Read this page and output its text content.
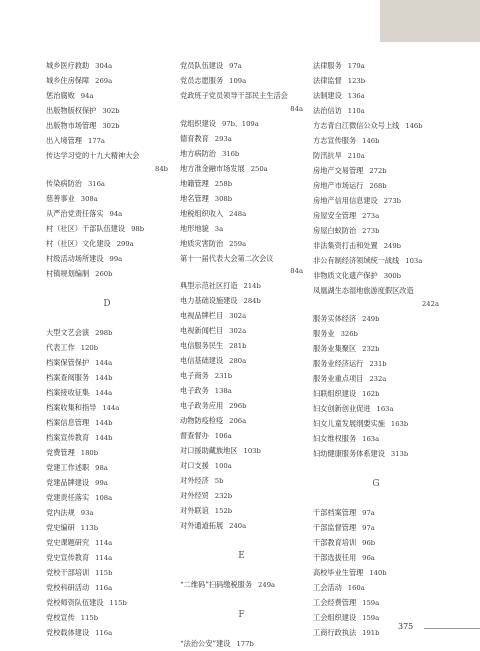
城乡医疗救助 304a
城乡住房保障 269a
惩治腐败 94a
出版物版权保护 302b
出版物市场管理 302b
出入境管理 177a
传达学习党的十九大精神大会
84b
传染病防治 316a
慈善事业 308a
从严治党责任落实 94a
村（社区）干部队伍建设 98b
村（社区）文化建设 299a
村级活动场所建设 99a
村镇规划编制 260b
D
大型文艺会演 298b
代表工作 120b
档案保管保护 144a
档案查阅服务 144b
档案接收征集 144a
档案收集和指导 144a
档案信息管理 144b
档案宣传教育 144b
党费管理 180b
党建工作述职 98a
党建品牌建设 99a
党建责任落实 108a
党内法规 93a
党史编研 113b
党史课题研究 114a
党史宣传教育 114a
党校干部培训 115b
党校科研活动 116a
党校师资队伍建设 115b
党校宣传 115b
党校载体建设 116a
党员队伍建设 97a
党员志愿服务 109a
党政班子党员领导干部民主生活会
84a
党组织建设 97b、109a
德育教育 293a
地方病防治 316b
地方准金融市场发展 250a
地籍管理 258b
地名管理 308b
地税组织收入 248a
地形地貌 3a
地质灾害防治 259a
第十一届代表大会第二次会议
84a
典型示范社区打造 214b
电力基础设施建设 284b
电视品牌栏目 302a
电视新闻栏目 302a
电信服务民生 281b
电信基础建设 280a
电子商务 231b
电子政务 138a
电子政务应用 296b
动物防疫检疫 206a
督查督办 106a
对口援助藏族地区 103b
对口支援 100a
对外经济 5b
对外经贸 232b
对外联谊 152b
对外通道拓展 240a
E
“二维码”扫码缴税服务 249a
F
“法治公安”建设 177b
法律服务 179a
法律监督 123b
法制建设 136a
法治信访 110a
方志青白江微信公众号上线 146b
方志宣传服务 146b
防汛抗旱 210a
房地产交易管理 272b
房地产市场运行 268b
房地产信用信息建设 273b
房屋安全管理 273a
房屋白蚁防治 273b
非法集资打击和处置 249b
非公有制经济领域统一战线 103a
非物质文化遗产保护 300b
凤凰湖生态湿地旅游度假区改造
242a
服务实体经济 249b
服务业 326b
服务业集聚区 232b
服务业经济运行 231b
服务业重点项目 232a
妇联组织建设 162b
妇女创新创业促进 163a
妇女儿童发展纲要实施 163b
妇女维权服务 163a
妇幼健康服务体系建设 313b
G
干部档案管理 97a
干部监督管理 97a
干部教育培训 96b
干部选拔任用 96a
高校毕业生管理 140b
工会活动 160a
工会经费管理 159a
工会组织建设 159a
工商行政执法 191b
375
